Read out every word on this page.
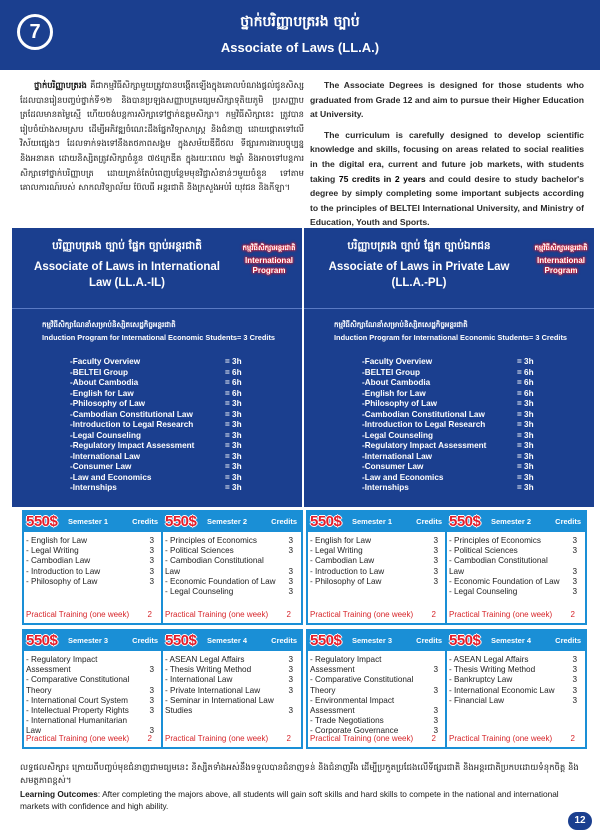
7	ថ្នាក់បរិញ្ញាបត្ររង ច្បាប់
Associate of Laws (LL.A.)

ថ្នាក់បរិញ្ញាបត្ររង គឺជាកម្មវិធីសិក្សាមួយត្រូវបានបង្កើតឡើងក្នុងគោលបំណងផ្តល់ជូនសិស្សដែលបានរៀនបញ្ចប់ថ្នាក់ទី១២ និងបានប្រឡងសញ្ញាបត្រមធ្យមសិក្សាទុតិយភូមិ ប្រសញ្ញាបត្រដែលមានតម្លៃស្មើ ហើយចង់បន្តការសិក្សាទៅថ្នាក់ឧត្តមសិក្សា។ កម្មវិធីសិក្សានេះ ត្រូវបានរៀបចំយ៉ាងសមស្រប ដើម្បីអភិវឌ្ឍចំណេះដឹងផ្នែកវិទ្យាសាស្ត្រ និងជំនាញ ដោយផ្តោតទៅលើវិស័យផ្សេងៗ ដែលទាក់ទងទៅនឹងតថភាពសង្គម ក្នុងសម័យឌីជីថល ទីផ្សារការងារបច្ចុប្បន្ន និងអនាគត ដោយនិស្សិតត្រូវសិក្សាចំនួន ៧៥ក្រេឌីត ក្នុងរយៈពេល ២ឆ្នាំ និងអាចទៅបន្តការសិក្សាទៅថ្នាក់បរិញ្ញាបត្រ ដោយគ្រាន់តែបំពេញបន្ថែមមុខវិជ្ជាសំខាន់ៗមួយចំនួន ទៅតាមគោលការណ៍របស់ សាកលវិទ្យាល័យ ប៊ែលធី អន្តរជាតិ និងក្រសួងអប់រំ យុវជន និងកីឡា។

The Associate Degrees is designed for those students who graduated from Grade 12 and aim to pursue their Higher Education at University.

The curriculum is carefully designed to develop scientific knowledge and skills, focusing on areas related to social realities in the digital era, current and future job markets, with students taking 75 credits in 2 years and could desire to study bachelor's degree by simply completing some important subjects according to the principles of BELTEI International University, and Ministry of Education, Youth and Sports.

បរិញ្ញាបត្ររង ច្បាប់ ផ្នែក ច្បាប់អន្តរជាតិ
Associate of Laws in International Law (LL.A.-IL)
កម្មវិធីសិក្សាអន្តរជាតិ
International Program
កម្មវិធីសិក្សាណែនាំសម្រាប់និស្សិតសេដ្ឋកិច្ចអន្តរជាតិ
Induction Program for International Economic Students= 3 Credits
-Faculty Overview	= 3h
-BELTEI Group	= 6h
-About Cambodia	= 6h
-English for Law	= 6h
-Philosophy of Law	= 3h
-Cambodian Constitutional Law	= 3h
-Introduction to Legal Research	= 3h
-Legal Counseling	= 3h
-Regulatory Impact Assessment	= 3h
-International Law	= 3h
-Consumer Law	= 3h
-Law and Economics	= 3h
-Internships	= 3h
បរិញ្ញាបត្ររង ច្បាប់ ផ្នែក ច្បាប់ឯកជន
Associate of Laws in Private Law (LL.A.-PL)
កម្មវិធីសិក្សាអន្តរជាតិ
International Program
កម្មវិធីសិក្សាណែនាំសម្រាប់និស្សិតសេដ្ឋកិច្ចអន្តរជាតិ
Induction Program for International Economic Students= 3 Credits
-Faculty Overview	= 3h
-BELTEI Group	= 6h
-About Cambodia	= 6h
-English for Law	= 6h
-Philosophy of Law	= 3h
-Cambodian Constitutional Law	= 3h
-Introduction to Legal Research	= 3h
-Legal Counseling	= 3h
-Regulatory Impact Assessment	= 3h
-International Law	= 3h
-Consumer Law	= 3h
-Law and Economics	= 3h
-Internships	= 3h
550$ Semester 1	Credits
- English for Law	3
- Legal Writing	3
- Cambodian Law	3
- Introduction to Law	3
- Philosophy of Law	3
Practical Training (one week) 2
550$ Semester 2	Credits
- Principles of Economics	3
- Political Sciences	3
- Cambodian Constitutional Law	3
- Economic Foundation of Law 3
- Legal Counseling	3
Practical Training (one week) 2
550$ Semester 1	Credits
- English for Law	3
- Legal Writing	3
- Cambodian Law	3
- Introduction to Law	3
- Philosophy of Law	3
Practical Training (one week) 2
550$ Semester 2	Credits
- Principles of Economics	3
- Political Sciences	3
- Cambodian Constitutional Law	3
- Economic Foundation of Law 3
- Legal Counseling	3
Practical Training (one week) 2
550$ Semester 3	Credits
- Regulatory Impact Assessment	3
- Comparative Constitutional Theory	3
- International Court System	3
- Intellectual Property Rights	3
- International Humanitarian Law	3
Practical Training (one week) 2
550$ Semester 4	Credits
- ASEAN Legal Affairs	3
- Thesis Writing Method	3
- International Law	3
- Private International Law	3
- Seminar in International Law Studies	3
Practical Training (one week) 2
550$ Semester 3	Credits
- Regulatory Impact Assessment	3
- Comparative Constitutional Theory	3
- Environmental Impact Assessment	3
- Trade Negotiations	3
- Corporate Governance	3
Practical Training (one week) 2
550$ Semester 4	Credits
- ASEAN Legal Affairs	3
- Thesis Writing Method	3
- Bankruptcy Law	3
- International Economic Law 3
- Financial Law	3
Practical Training (one week) 2
លទ្ធផលសិក្សា៖ ក្រោយពីបញ្ចប់មុខជំនាញជាមធ្យមនេះ និស្សិតទាំងអស់នឹងទទួលបានជំនាញទន់ និងជំនាញរឹង ដើម្បីប្រកួតប្រជែងលើទីផ្សារជាតិ និងអន្តរជាតិប្រកបដោយទំនុកចិត្ត និងសមត្ថភាពខ្ពស់។
Learning Outcomes: After completing the majors above, all students will gain soft skills and hard skills to compete in the national and international markets with confidence and high ability.
12
